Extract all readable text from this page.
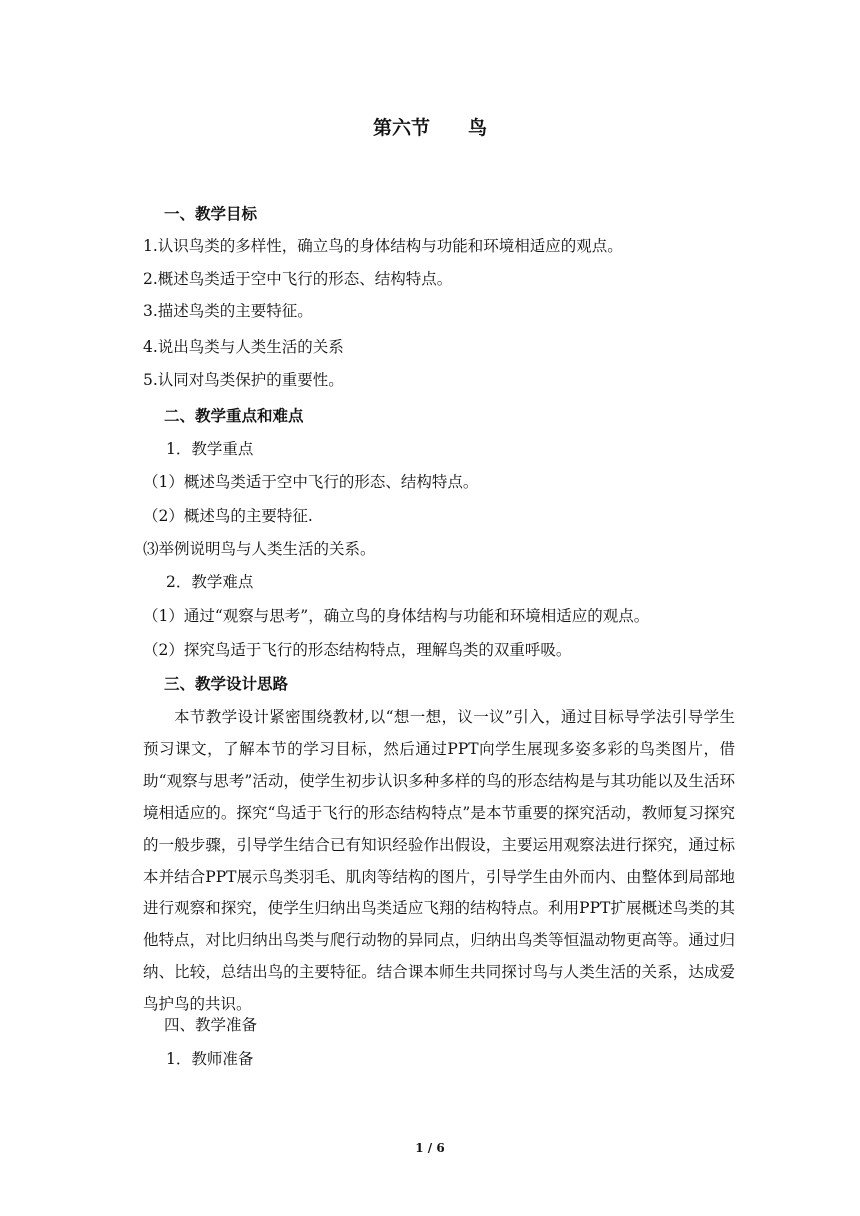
第六节　　鸟
一、教学目标
1.认识鸟类的多样性，确立鸟的身体结构与功能和环境相适应的观点。
2.概述鸟类适于空中飞行的形态、结构特点。
3.描述鸟类的主要特征。
4.说出鸟类与人类生活的关系
5.认同对鸟类保护的重要性。
二、教学重点和难点
1．教学重点
（1）概述鸟类适于空中飞行的形态、结构特点。
（2）概述鸟的主要特征.
⑶举例说明鸟与人类生活的关系。
2．教学难点
（1）通过“观察与思考”，确立鸟的身体结构与功能和环境相适应的观点。
（2）探究鸟适于飞行的形态结构特点，理解鸟类的双重呼吸。
三、教学设计思路
本节教学设计紧密围绕教材,以“想一想，议一议”引入，通过目标导学法引导学生预习课文，了解本节的学习目标，然后通过PPT向学生展现多姿多彩的鸟类图片，借助“观察与思考”活动，使学生初步认识多种多样的鸟的形态结构是与其功能以及生活环境相适应的。探究“鸟适于飞行的形态结构特点”是本节重要的探究活动，教师复习探究的一般步骤，引导学生结合已有知识经验作出假设，主要运用观察法进行探究，通过标本并结合PPT展示鸟类羽毛、肌肉等结构的图片，引导学生由外而内、由整体到局部地进行观察和探究，使学生归纳出鸟类适应飞翔的结构特点。利用PPT扩展概述鸟类的其他特点，对比归纳出鸟类与爬行动物的异同点，归纳出鸟类等恒温动物更高等。通过归纳、比较，总结出鸟的主要特征。结合课本师生共同探讨鸟与人类生活的关系，达成爱鸟护鸟的共识。
四、教学准备
1．教师准备
1 / 6
